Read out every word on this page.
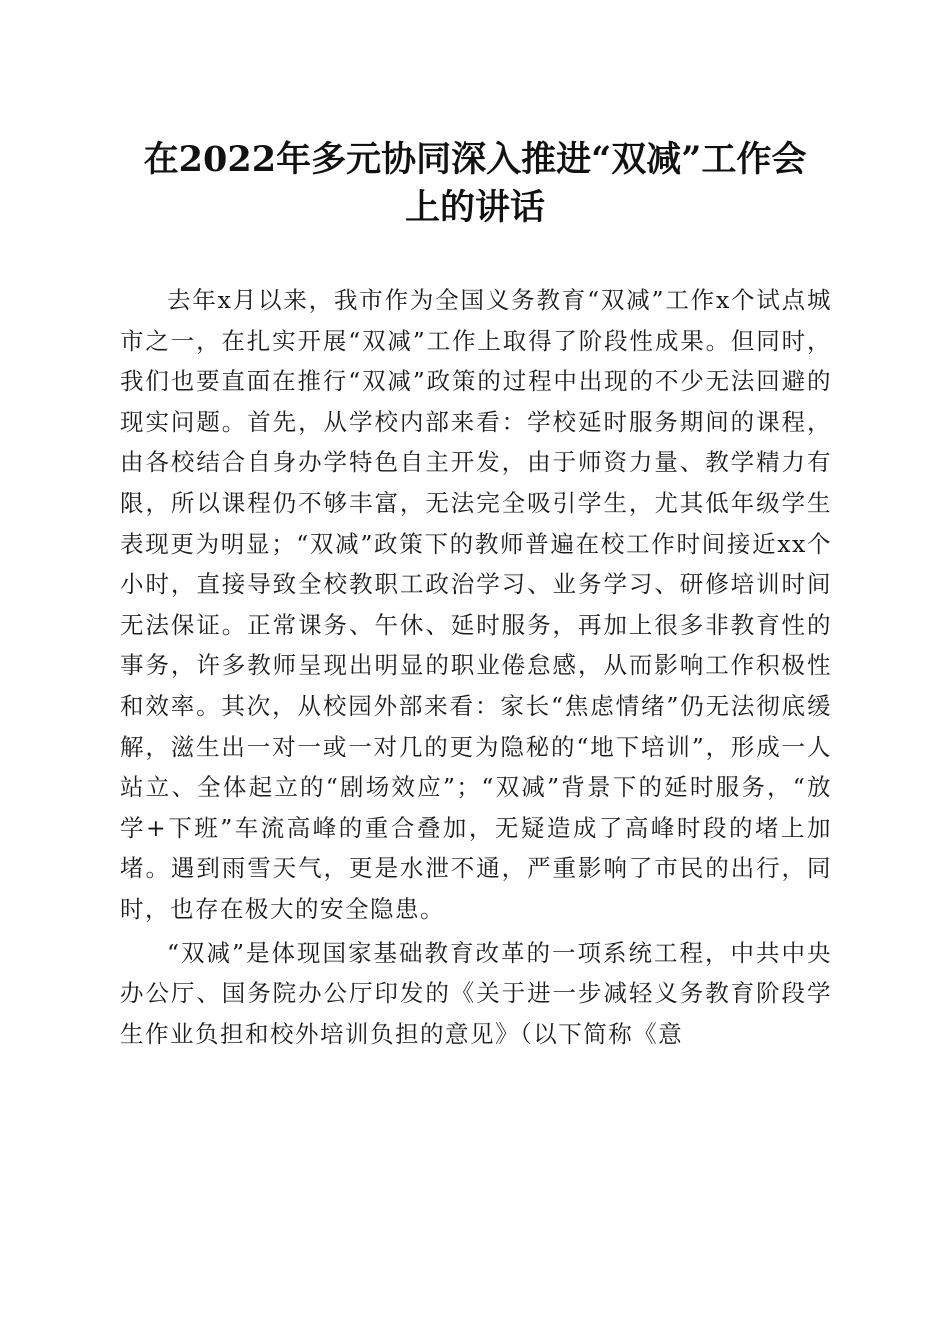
在2022年多元协同深入推进“双减”工作会
上的讲话

去年x月以来，我市作为全国义务教育“双减”工作x个试点城市之一，在扎实开展“双减”工作上取得了阶段性成果。但同时，我们也要直面在推行“双减”政策的过程中出现的不少无法回避的现实问题。首先，从学校内部来看：学校延时服务期间的课程，由各校结合自身办学特色自主开发，由于师资力量、教学精力有限，所以课程仍不够丰富，无法完全吸引学生，尤其低年级学生表现更为明显；“双减”政策下的教师普遍在校工作时间接近xx个小时，直接导致全校教职工政治学习、业务学习、研修培训时间无法保证。正常课务、午休、延时服务，再加上很多非教育性的事务，许多教师呈现出明显的职业倦怠感，从而影响工作积极性和效率。其次，从校园外部来看：家长“焦虑情绪”仍无法彻底缓解，滋生出一对一或一对几的更为隐秘的“地下培训”，形成一人站立、全体起立的“剧场效应”；“双减”背景下的延时服务，“放学+下班”车流高峰的重合叠加，无疑造成了高峰时段的堵上加堵。遇到雨雪天气，更是水泄不通，严重影响了市民的出行，同时，也存在极大的安全隐患。

“双减”是体现国家基础教育改革的一项系统工程，中共中央办公厅、国务院办公厅印发的《关于进一步减轻义务教育阶段学生作业负担和校外培训负担的意见》（以下简称《意
